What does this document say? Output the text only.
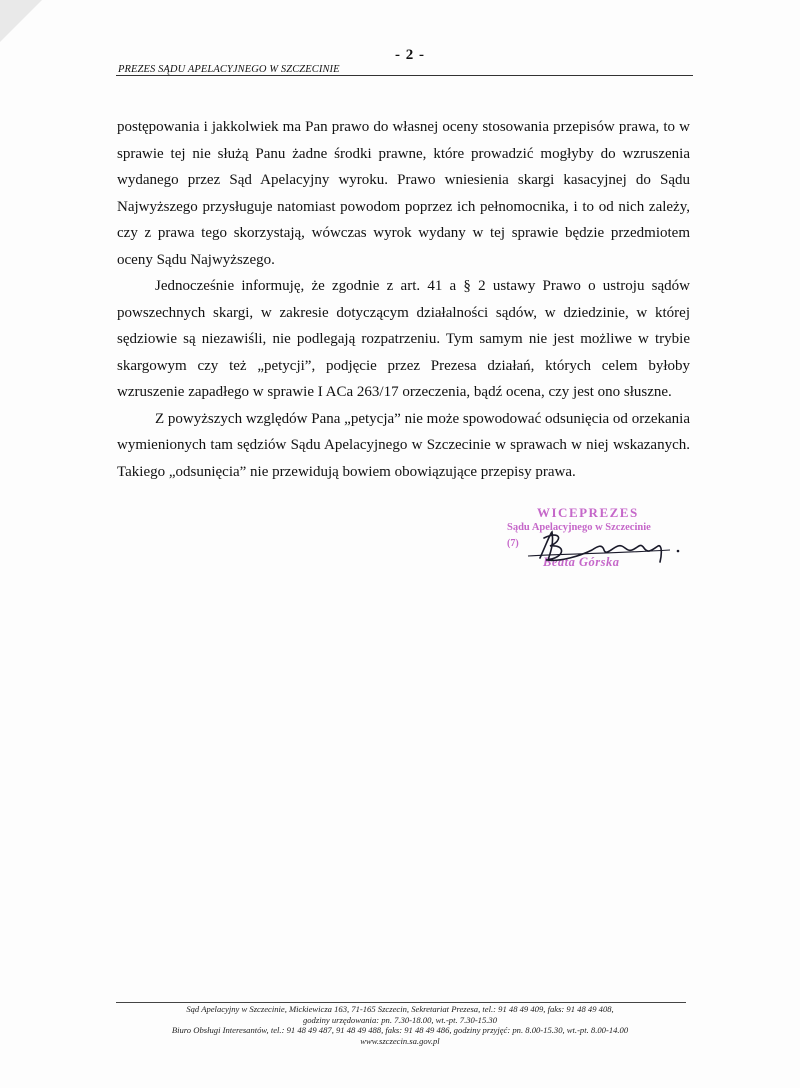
- 2 -
PREZES SĄDU APELACYJNEGO W SZCZECINIE

postępowania i jakkolwiek ma Pan prawo do własnej oceny stosowania przepisów prawa, to w sprawie tej nie służą Panu żadne środki prawne, które prowadzić mogłyby do wzruszenia wydanego przez Sąd Apelacyjny wyroku. Prawo wniesienia skargi kasacyjnej do Sądu Najwyższego przysługuje natomiast powodom poprzez ich pełnomocnika, i to od nich zależy, czy z prawa tego skorzystają, wówczas wyrok wydany w tej sprawie będzie przedmiotem oceny Sądu Najwyższego.

Jednocześnie informuję, że zgodnie z art. 41 a § 2 ustawy Prawo o ustroju sądów powszechnych skargi, w zakresie dotyczącym działalności sądów, w dziedzinie, w której sędziowie są niezawiśli, nie podlegają rozpatrzeniu. Tym samym nie jest możliwe w trybie skargowym czy też „petycji”, podjęcie przez Prezesa działań, których celem byłoby wzruszenie zapadłego w sprawie I ACa 263/17 orzeczenia, bądź ocena, czy jest ono słuszne.

Z powyższych względów Pana „petycja” nie może spowodować odsunięcia od orzekania wymienionych tam sędziów Sądu Apelacyjnego w Szczecinie w sprawach w niej wskazanych. Takiego „odsunięcia” nie przewidują bowiem obowiązujące przepisy prawa.

WICEPREZES
Sądu Apelacyjnego w Szczecinie
(7)
Beata Górska
Sąd Apelacyjny w Szczecinie, Mickiewicza 163, 71-165 Szczecin, Sekretariat Prezesa, tel.: 91 48 49 409, faks: 91 48 49 408,
godziny urzędowania: pn. 7.30-18.00, wt.-pt. 7.30-15.30
Biuro Obsługi Interesantów, tel.: 91 48 49 487, 91 48 49 488, faks: 91 48 49 486, godziny przyjęć: pn. 8.00-15.30, wt.-pt. 8.00-14.00
www.szczecin.sa.gov.pl
